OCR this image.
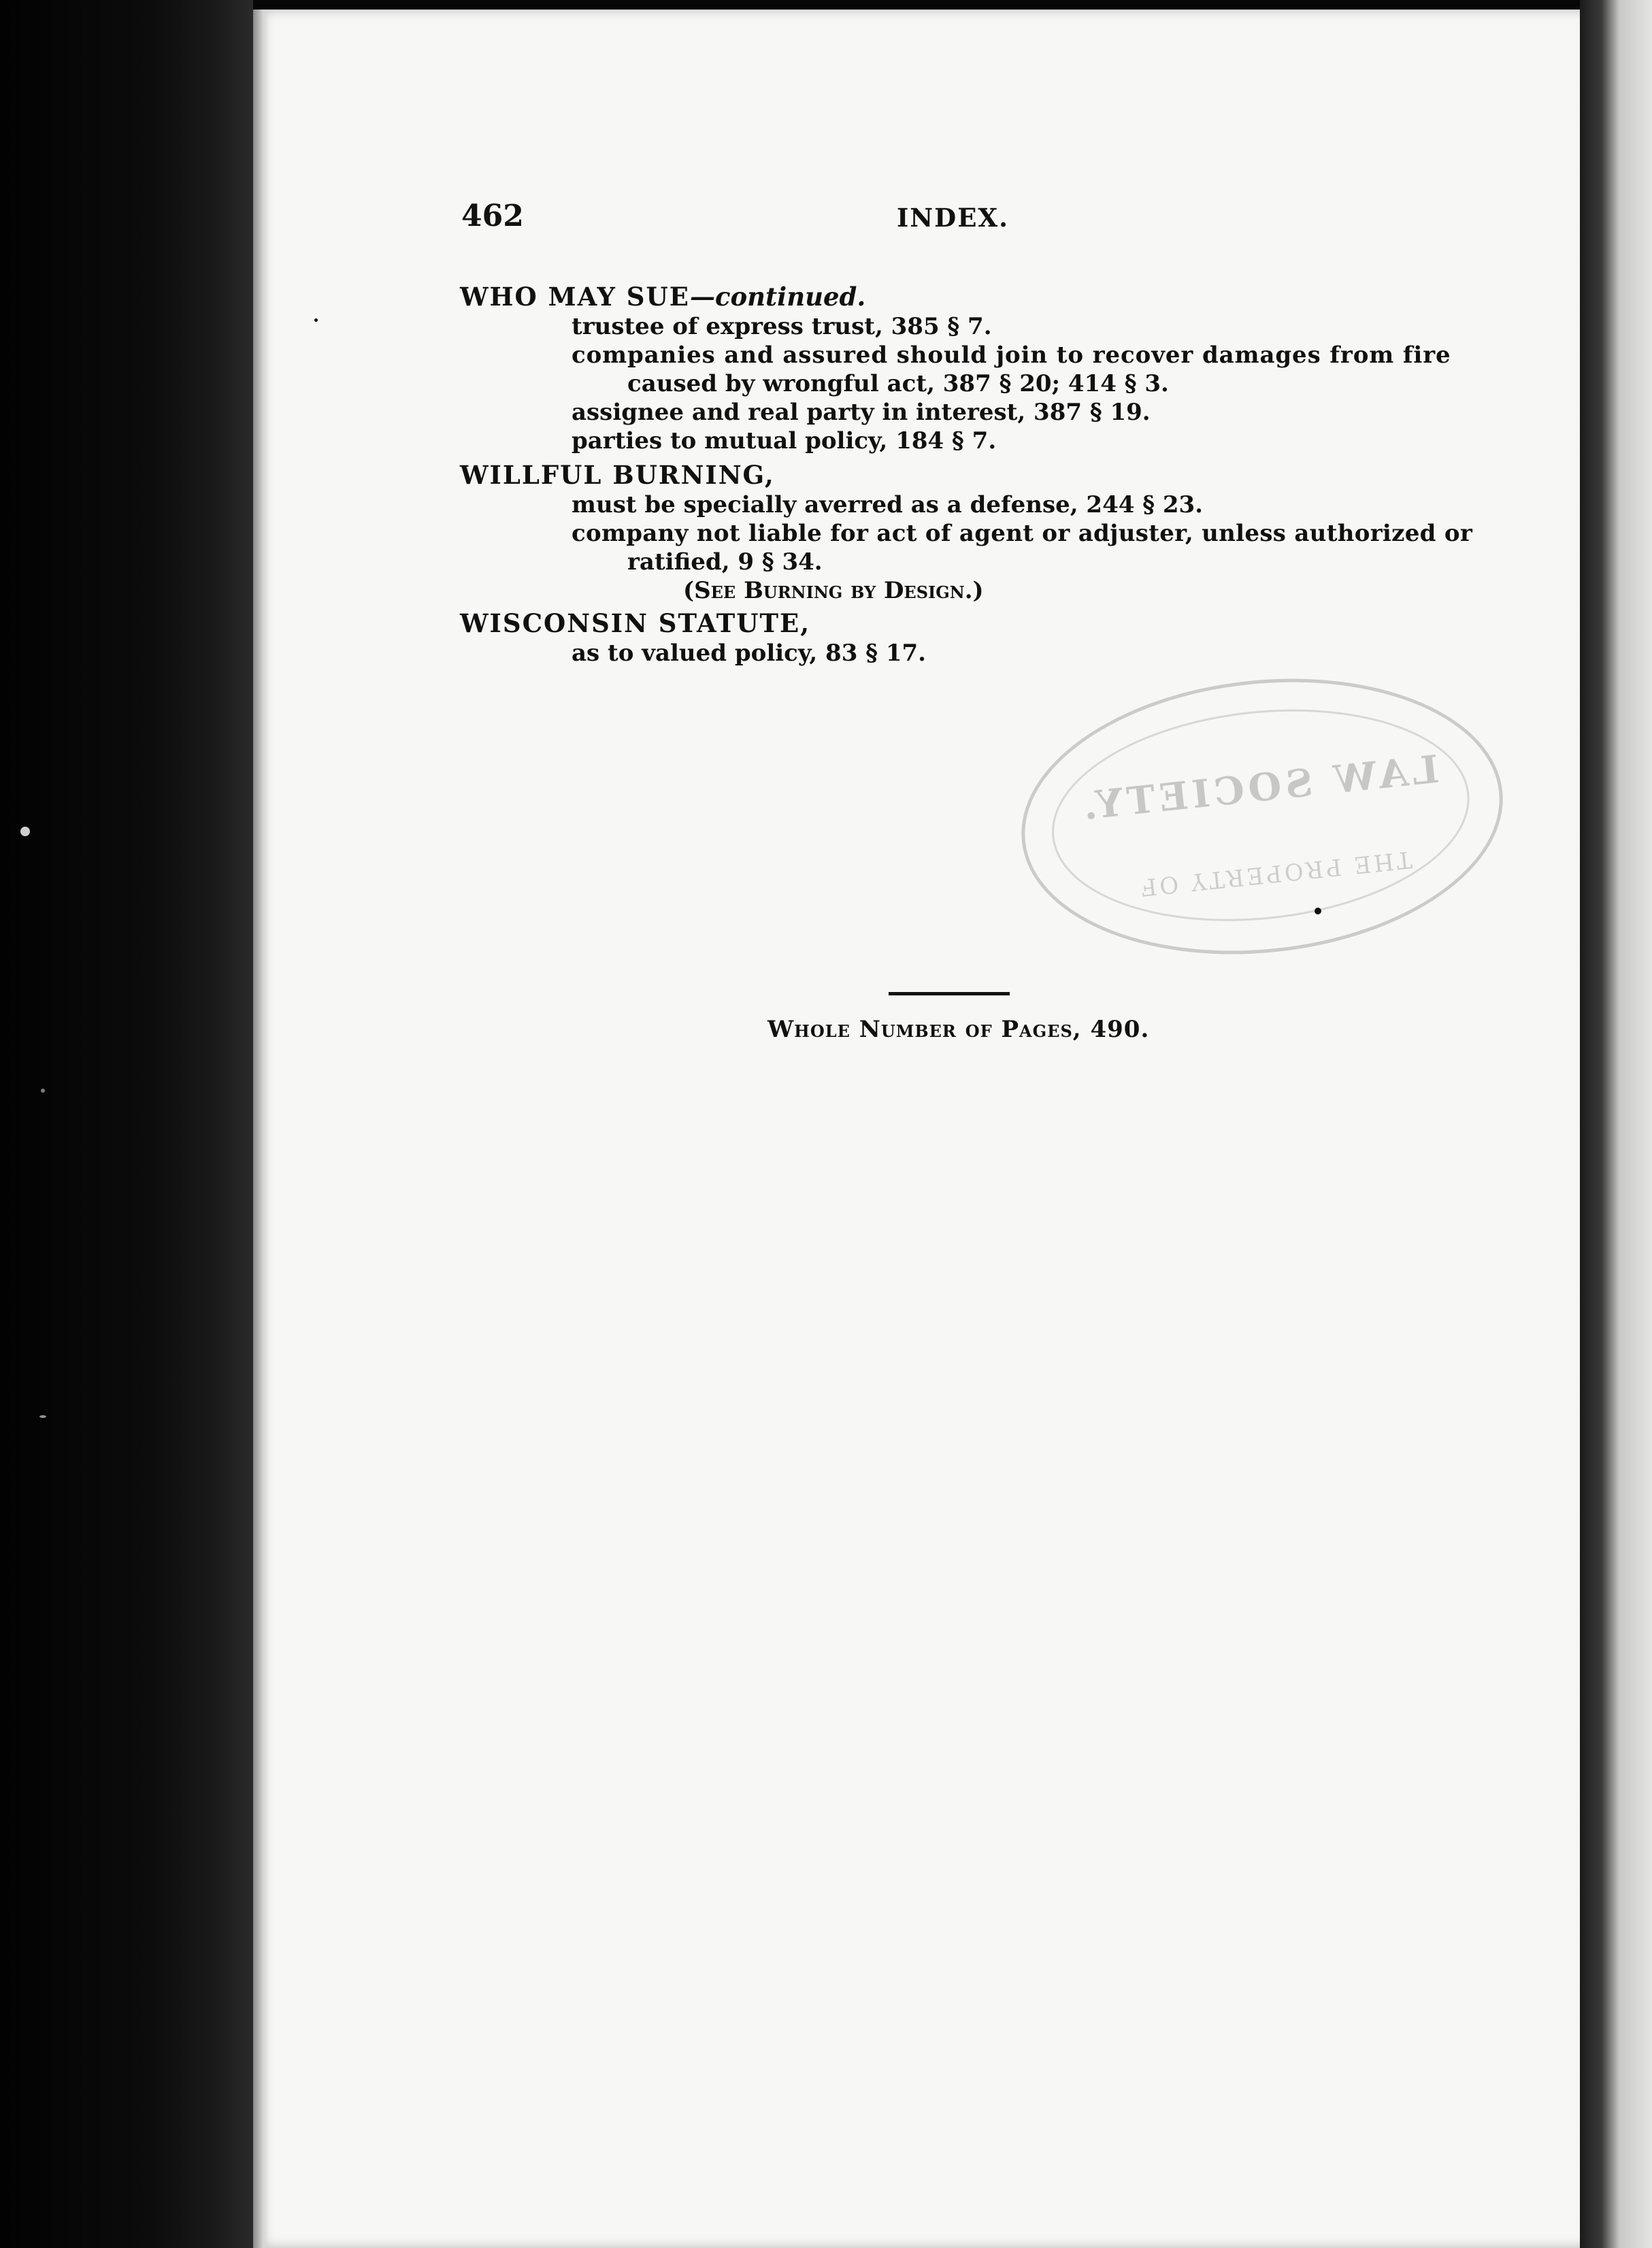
462	INDEX.
WHO MAY SUE—continued.
trustee of express trust, 385 § 7.
companies and assured should join to recover damages from fire
caused by wrongful act, 387 § 20; 414 § 3.
assignee and real party in interest, 387 § 19.
parties to mutual policy, 184 § 7.
WILLFUL BURNING,
must be specially averred as a defense, 244 § 23.
company not liable for act of agent or adjuster, unless authorized or
ratified, 9 § 34.
(See Burning by Design.)
WISCONSIN STATUTE,
as to valued policy, 83 § 17.
LAW SOCIETY.
THE PROPERTY OF
Whole Number of Pages, 490.
